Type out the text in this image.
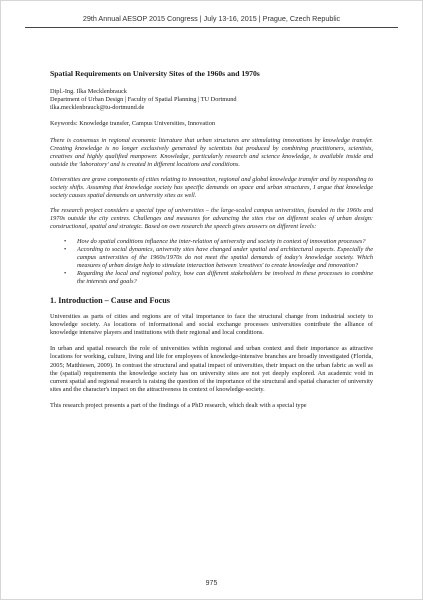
29th Annual AESOP 2015 Congress | July 13-16, 2015 | Prague, Czech Republic
Spatial Requirements on University Sites of the 1960s and 1970s
Dipl.-Ing. Ilka Mecklenbrauck
Department of Urban Design | Faculty of Spatial Planning | TU Dortmund
ilka.mecklenbrauck@tu-dortmund.de
Keywords: Knowledge transfer, Campus Universities, Innovation

There is consensus in regional economic literature that urban structures are stimulating innovations by knowledge transfer. Creating knowledge is no longer exclusively generated by scientists but produced by combining practitioners, scientists, creatives and highly qualified manpower. Knowledge, particularly research and science knowledge, is available inside and outside the 'laboratory' and is created in different locations and conditions.

Universities are grave components of cities relating to innovation, regional and global knowledge transfer and by responding to society shifts. Assuming that knowledge society has specific demands on space and urban structures, I argue that knowledge society causes spatial demands on university sites as well.

The research project considers a special type of universities – the large-scaled campus universities, founded in the 1960s and 1970s outside the city centres. Challenges and measures for advancing the sites rise on different scales of urban design: constructional, spatial and strategic. Based on own research the speech gives answers on different levels:

• How do spatial conditions influence the inter-relation of university and society in context of innovation processes?
• According to social dynamics, university sites have changed under spatial and architectural aspects. Especially the campus universities of the 1960s/1970s do not meet the spatial demands of today's knowledge society. Which measures of urban design help to stimulate interaction between 'creatives' to create knowledge and innovation?
• Regarding the local and regional policy, how can different stakeholders be involved in these processes to combine the interests and goals?
1. Introduction – Cause and Focus

Universities as parts of cities and regions are of vital importance to face the structural change from industrial society to knowledge society. As locations of informational and social exchange processes universities contribute the alliance of knowledge intensive players and institutions with their regional and local conditions.

In urban and spatial research the role of universities within regional and urban context and their importance as attractive locations for working, culture, living and life for employees of knowledge-intensive branches are broadly investigated (Florida, 2005; Matthiesen, 2009). In contrast the structural and spatial impact of universities, their impact on the urban fabric as well as the (spatial) requirements the knowledge society has on university sites are not yet deeply explored. An academic void in current spatial and regional research is raising the question of the importance of the structural and spatial character of university sites and the character's impact on the attractiveness in context of knowledge-society.

This research project presents a part of the findings of a PhD research, which dealt with a special type

975
